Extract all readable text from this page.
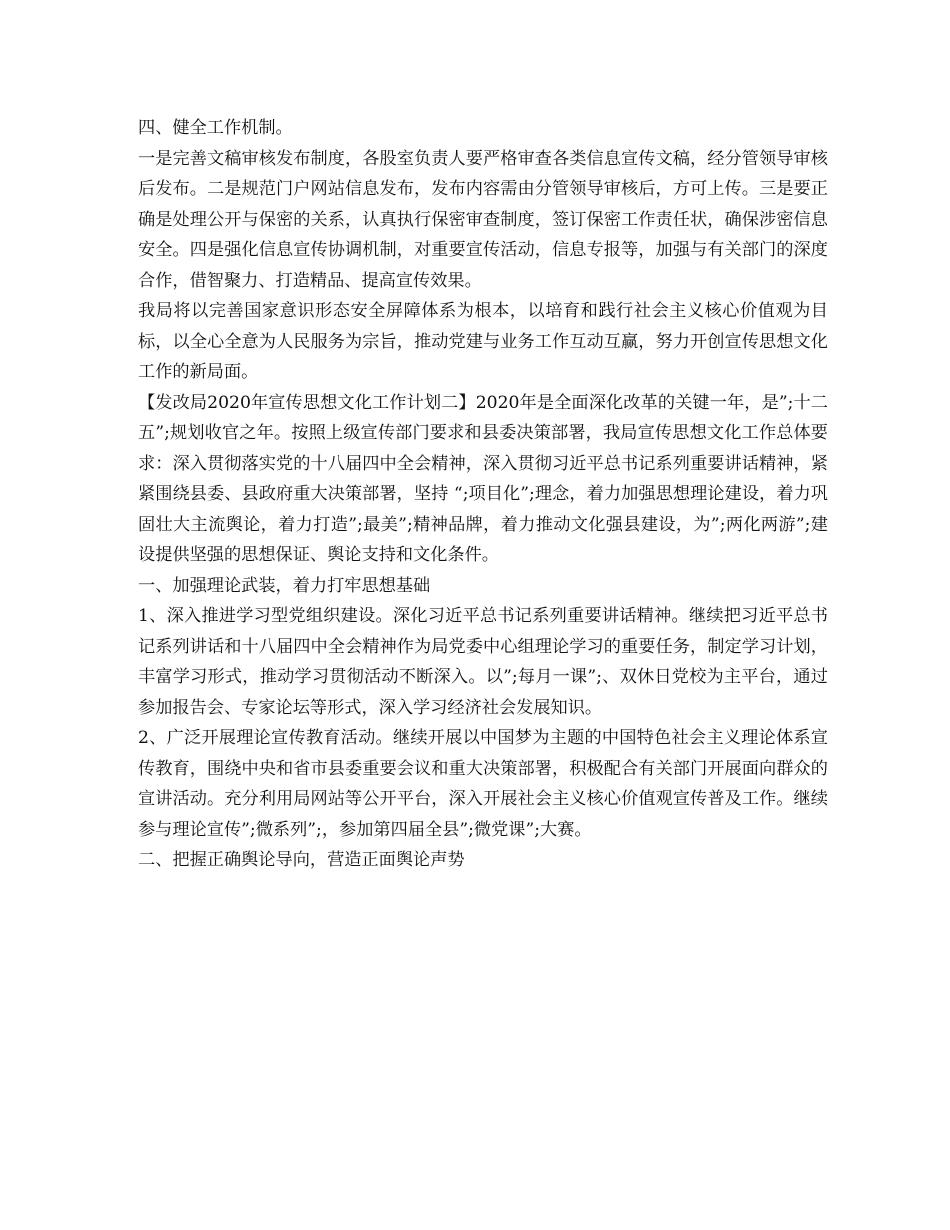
四、健全工作机制。

一是完善文稿审核发布制度，各股室负责人要严格审查各类信息宣传文稿，经分管领导审核后发布。二是规范门户网站信息发布，发布内容需由分管领导审核后，方可上传。三是要正确是处理公开与保密的关系，认真执行保密审查制度，签订保密工作责任状，确保涉密信息安全。四是强化信息宣传协调机制，对重要宣传活动，信息专报等，加强与有关部门的深度合作，借智聚力、打造精品、提高宣传效果。

我局将以完善国家意识形态安全屏障体系为根本，以培育和践行社会主义核心价值观为目标，以全心全意为人民服务为宗旨，推动党建与业务工作互动互赢，努力开创宣传思想文化工作的新局面。

【发改局2020年宣传思想文化工作计划二】2020年是全面深化改革的关键一年，是”;十二五”;规划收官之年。按照上级宣传部门要求和县委决策部署，我局宣传思想文化工作总体要求：深入贯彻落实党的十八届四中全会精神，深入贯彻习近平总书记系列重要讲话精神，紧紧围绕县委、县政府重大决策部署，坚持 “;项目化”;理念，着力加强思想理论建设，着力巩固壮大主流舆论，着力打造”;最美”;精神品牌，着力推动文化强县建设，为”;两化两游”;建设提供坚强的思想保证、舆论支持和文化条件。

一、加强理论武装，着力打牢思想基础

1、深入推进学习型党组织建设。深化习近平总书记系列重要讲话精神。继续把习近平总书记系列讲话和十八届四中全会精神作为局党委中心组理论学习的重要任务，制定学习计划，丰富学习形式，推动学习贯彻活动不断深入。以”;每月一课”;、双休日党校为主平台，通过参加报告会、专家论坛等形式，深入学习经济社会发展知识。

2、广泛开展理论宣传教育活动。继续开展以中国梦为主题的中国特色社会主义理论体系宣传教育，围绕中央和省市县委重要会议和重大决策部署，积极配合有关部门开展面向群众的宣讲活动。充分利用局网站等公开平台，深入开展社会主义核心价值观宣传普及工作。继续参与理论宣传”;微系列”;，参加第四届全县”;微党课”;大赛。

二、把握正确舆论导向，营造正面舆论声势
